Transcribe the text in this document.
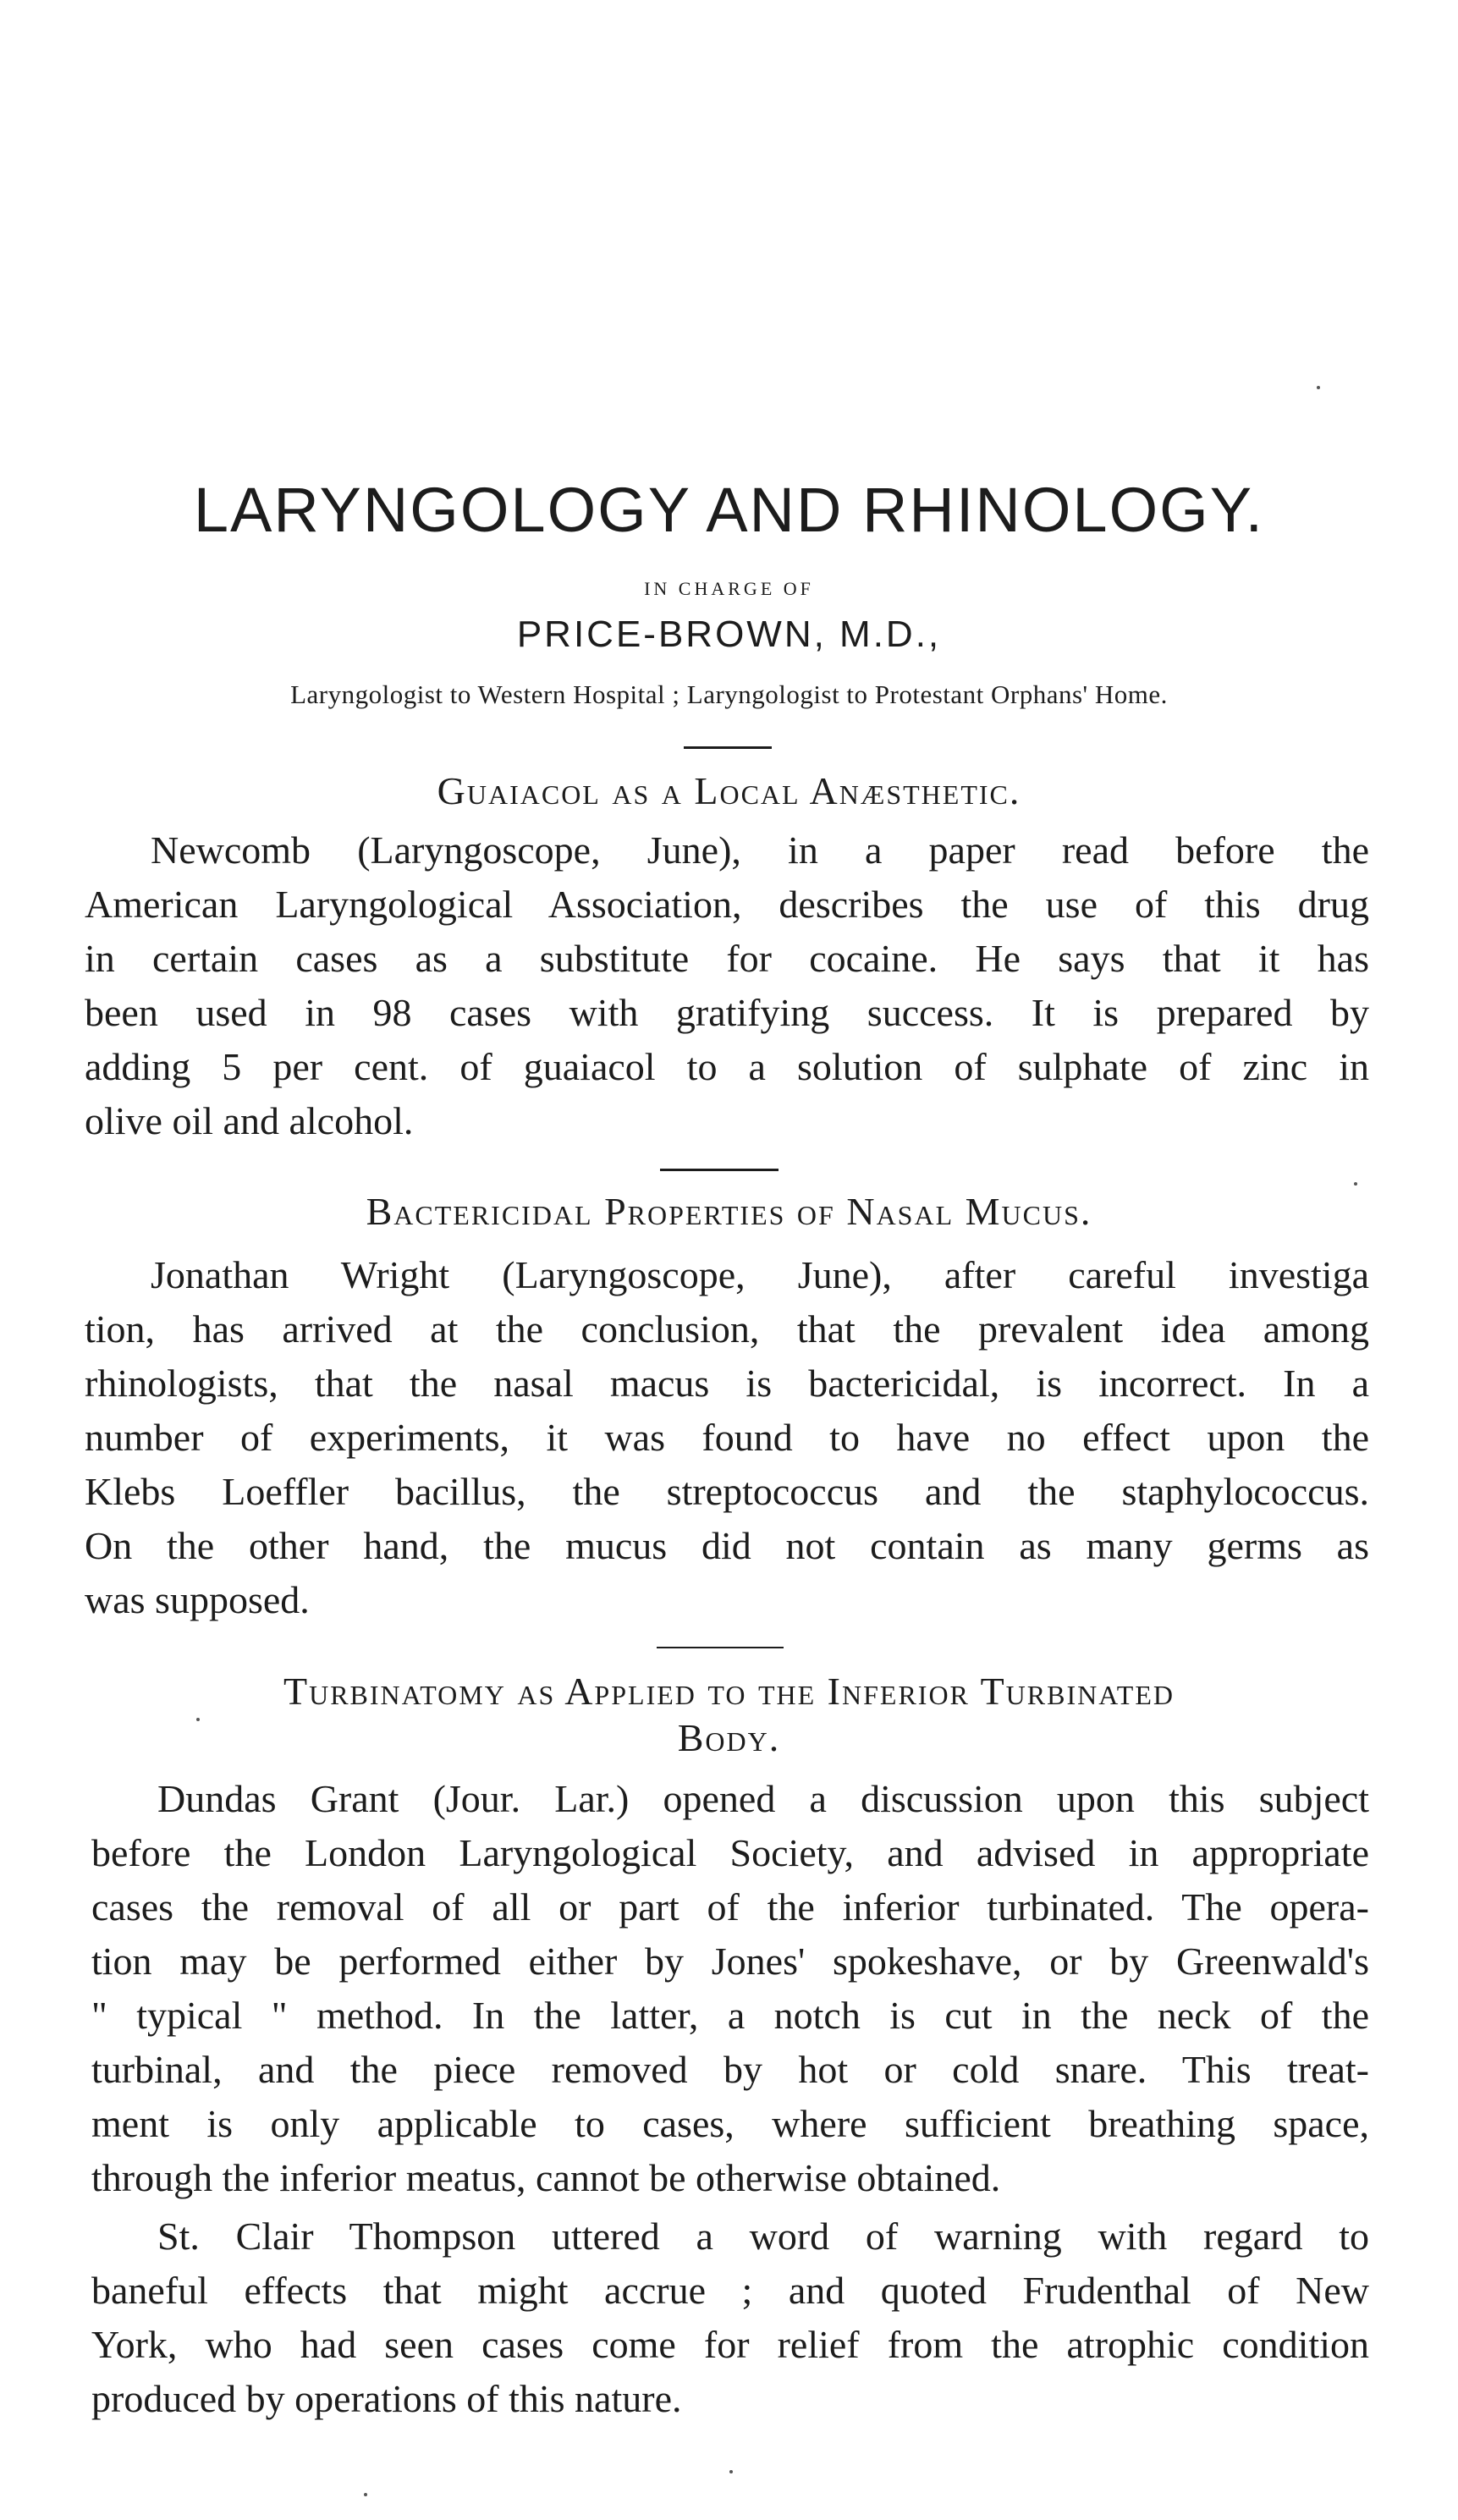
LARYNGOLOGY AND RHINOLOGY.
IN CHARGE OF
PRICE-BROWN, M.D.,
Laryngologist to Western Hospital ; Laryngologist to Protestant Orphans' Home.
Guaiacol as a Local Anæsthetic.
Newcomb (Laryngoscope, June), in a paper read before the
American Laryngological Association, describes the use of this drug
in certain cases as a substitute for cocaine. He says that it has
been used in 98 cases with gratifying success. It is prepared by
adding 5 per cent. of guaiacol to a solution of sulphate of zinc in
olive oil and alcohol.
Bactericidal Properties of Nasal Mucus.
Jonathan Wright (Laryngoscope, June), after careful investiga
tion, has arrived at the conclusion, that the prevalent idea among
rhinologists, that the nasal macus is bactericidal, is incorrect. In a
number of experiments, it was found to have no effect upon the
Klebs Loeffler bacillus, the streptococcus and the staphylococcus.
On the other hand, the mucus did not contain as many germs as
was supposed.
Turbinatomy as Applied to the Inferior Turbinated
Body.
Dundas Grant (Jour. Lar.) opened a discussion upon this subject
before the London Laryngological Society, and advised in appropriate
cases the removal of all or part of the inferior turbinated. The opera-
tion may be performed either by Jones' spokeshave, or by Greenwald's
" typical " method. In the latter, a notch is cut in the neck of the
turbinal, and the piece removed by hot or cold snare. This treat-
ment is only applicable to cases, where sufficient breathing space,
through the inferior meatus, cannot be otherwise obtained.
St. Clair Thompson uttered a word of warning with regard to
baneful effects that might accrue ; and quoted Frudenthal of New
York, who had seen cases come for relief from the atrophic condition
produced by operations of this nature.
